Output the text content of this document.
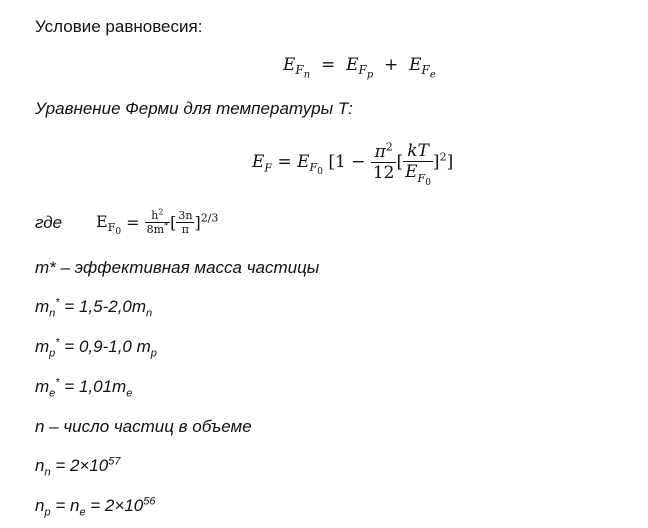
Условие равновесия:
$E_{F_n} = E_{F_p} + E_{F_e}$
Уравнение Ферми для температуры Т:
$E_F$
=
$E_{F_0}$

[1 −
$\frac{\pi^2}{12}$ [ $\frac{kT}{E_{F_0}} ]^2$ ]
где $E_{F_0}$

=
$\frac{h^2}{8m^*}$ [ $\frac{3n}{\pi} ]^{2/3}$
m* – эффективная масса частицы
$m_n^* = 1,5-2,0m_n$
$m_p^* = 0,9-1,0$ $m_p$
$m_e^* = 1,01m_e$
n – число частиц в объеме
$n_n = 2\times 10^{57}$
$n_p = n_e = 2\times 10^{56}$
